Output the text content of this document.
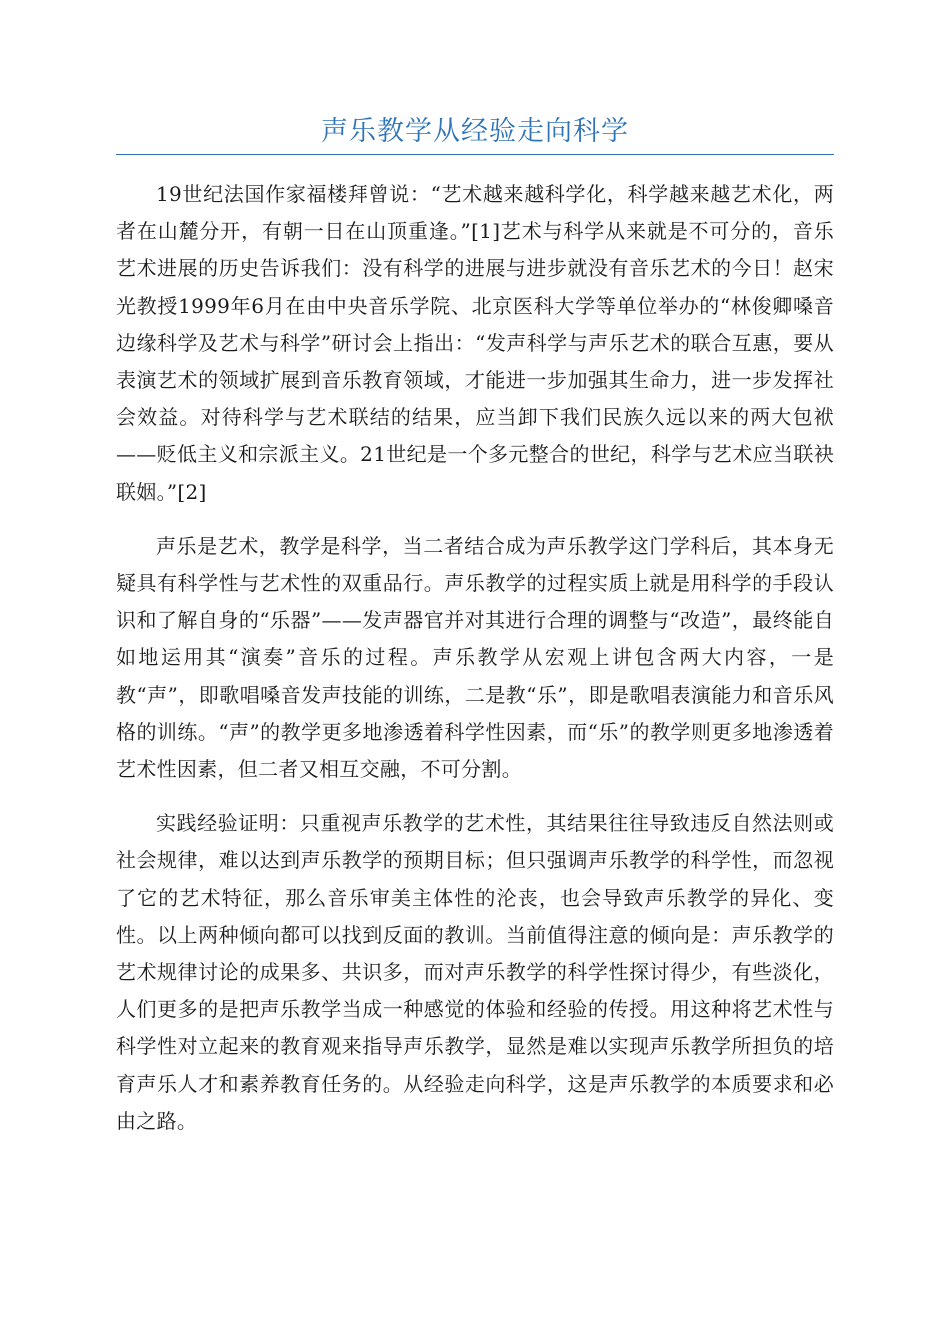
声乐教学从经验走向科学

19世纪法国作家福楼拜曾说：“艺术越来越科学化，科学越来越艺术化，两者在山麓分开，有朝一日在山顶重逢。”[1]艺术与科学从来就是不可分的，音乐艺术进展的历史告诉我们：没有科学的进展与进步就没有音乐艺术的今日！赵宋光教授1999年6月在由中央音乐学院、北京医科大学等单位举办的“林俊卿嗓音边缘科学及艺术与科学”研讨会上指出：“发声科学与声乐艺术的联合互惠，要从表演艺术的领域扩展到音乐教育领域，才能进一步加强其生命力，进一步发挥社会效益。对待科学与艺术联结的结果，应当卸下我们民族久远以来的两大包袱——贬低主义和宗派主义。21世纪是一个多元整合的世纪，科学与艺术应当联袂联姻。”[2]

声乐是艺术，教学是科学，当二者结合成为声乐教学这门学科后，其本身无疑具有科学性与艺术性的双重品行。声乐教学的过程实质上就是用科学的手段认识和了解自身的“乐器”——发声器官并对其进行合理的调整与“改造”，最终能自如地运用其“演奏”音乐的过程。声乐教学从宏观上讲包含两大内容，一是教“声”，即歌唱嗓音发声技能的训练，二是教“乐”，即是歌唱表演能力和音乐风格的训练。“声”的教学更多地渗透着科学性因素，而“乐”的教学则更多地渗透着艺术性因素，但二者又相互交融，不可分割。

实践经验证明：只重视声乐教学的艺术性，其结果往往导致违反自然法则或社会规律，难以达到声乐教学的预期目标；但只强调声乐教学的科学性，而忽视了它的艺术特征，那么音乐审美主体性的沦丧，也会导致声乐教学的异化、变性。以上两种倾向都可以找到反面的教训。当前值得注意的倾向是：声乐教学的艺术规律讨论的成果多、共识多，而对声乐教学的科学性探讨得少，有些淡化，人们更多的是把声乐教学当成一种感觉的体验和经验的传授。用这种将艺术性与科学性对立起来的教育观来指导声乐教学，显然是难以实现声乐教学所担负的培育声乐人才和素养教育任务的。从经验走向科学，这是声乐教学的本质要求和必由之路。
